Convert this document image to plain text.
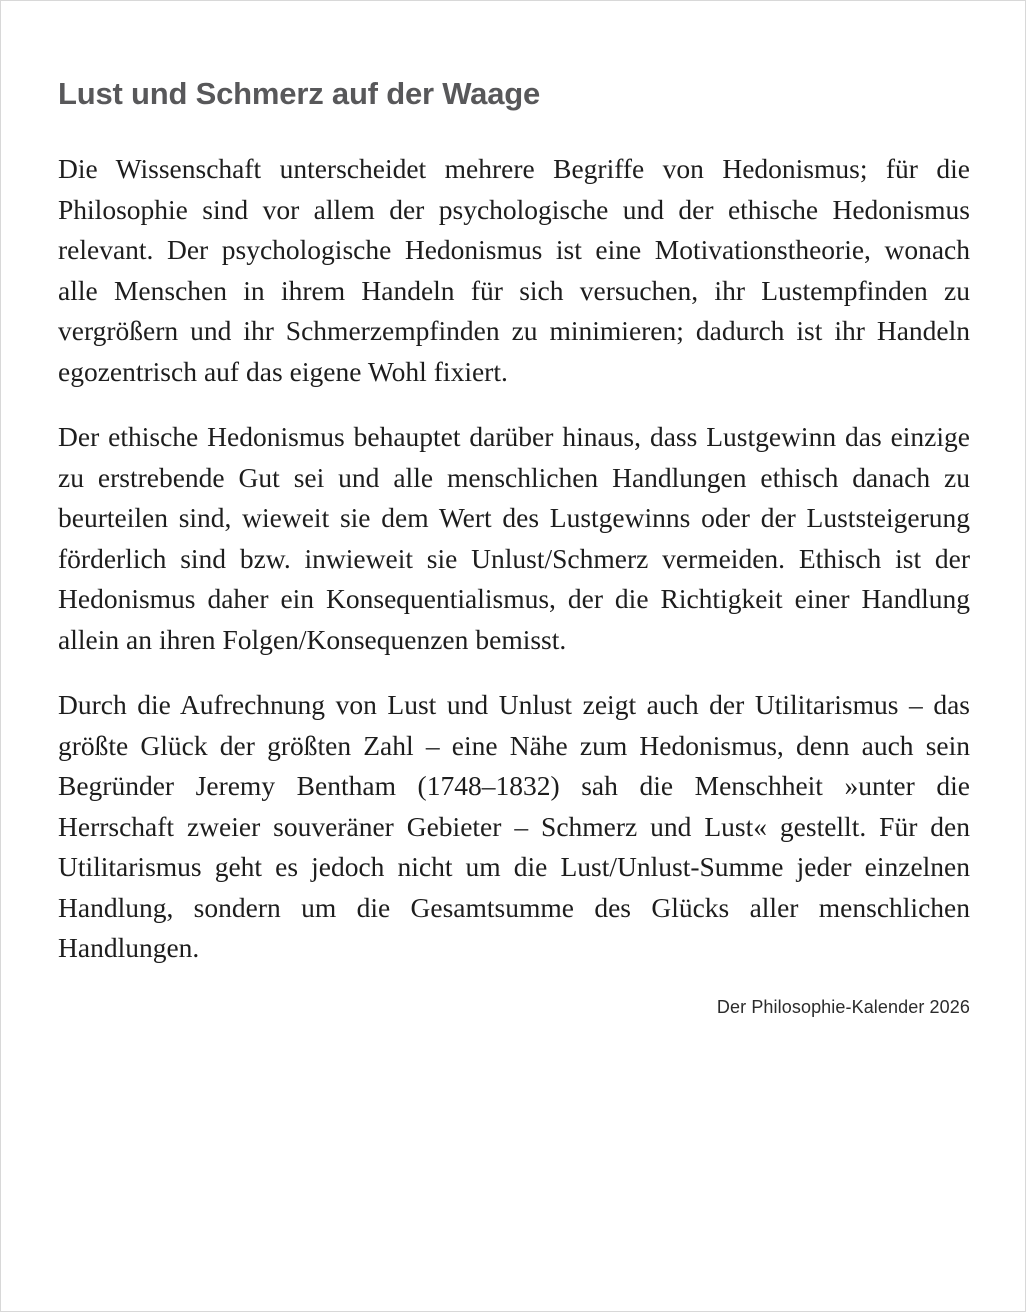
Lust und Schmerz auf der Waage

Die Wissenschaft unterscheidet mehrere Begriffe von Hedonismus; für die Philosophie sind vor allem der psychologische und der ethische Hedonismus relevant. Der psychologische Hedonismus ist eine Motivationstheorie, wonach alle Menschen in ihrem Handeln für sich versuchen, ihr Lustempfinden zu vergrößern und ihr Schmerzempfinden zu minimieren; dadurch ist ihr Handeln egozentrisch auf das eigene Wohl fixiert.

Der ethische Hedonismus behauptet darüber hinaus, dass Lustgewinn das einzige zu erstrebende Gut sei und alle menschlichen Handlungen ethisch danach zu beurteilen sind, wieweit sie dem Wert des Lustgewinns oder der Luststeigerung förderlich sind bzw. inwieweit sie Unlust/Schmerz vermeiden. Ethisch ist der Hedonismus daher ein Konsequentialismus, der die Richtigkeit einer Handlung allein an ihren Folgen/Konsequenzen bemisst.

Durch die Aufrechnung von Lust und Unlust zeigt auch der Utilitarismus – das größte Glück der größten Zahl – eine Nähe zum Hedonismus, denn auch sein Begründer Jeremy Bentham (1748–1832) sah die Menschheit »unter die Herrschaft zweier souveräner Gebieter – Schmerz und Lust« gestellt. Für den Utilitarismus geht es jedoch nicht um die Lust/Unlust-Summe jeder einzelnen Handlung, sondern um die Gesamtsumme des Glücks aller menschlichen Handlungen.

Der Philosophie-Kalender 2026
